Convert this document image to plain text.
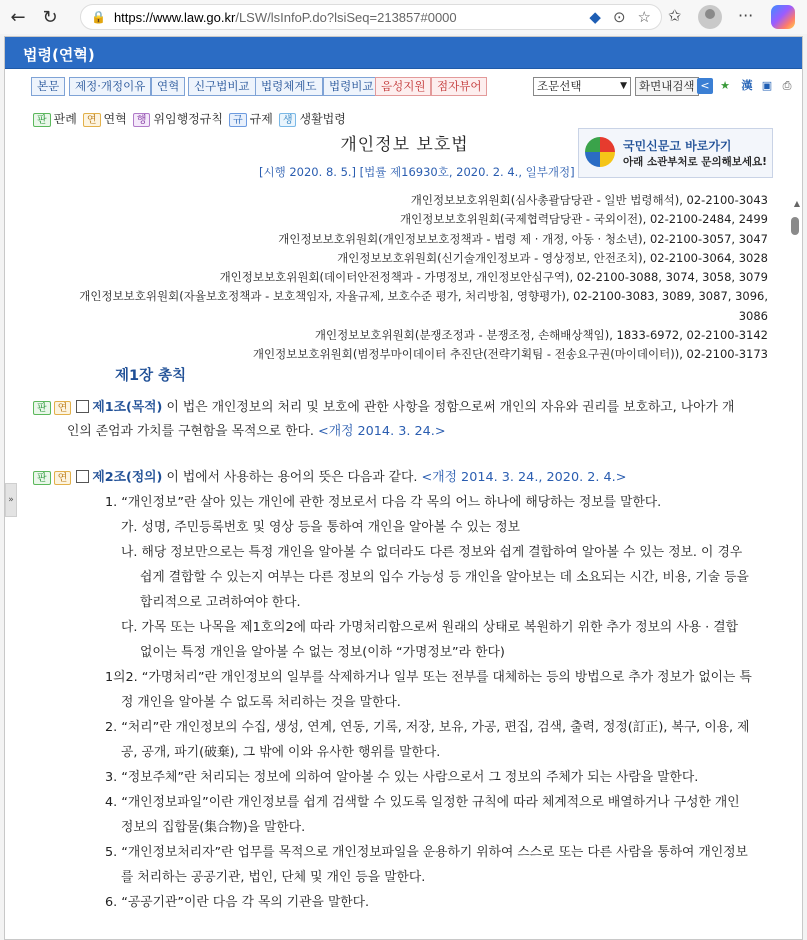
← ↻	🔒 https://www.law.go.kr /LSW/lsInfoP.do?lsiSeq=213857#0000	◆ ⊙ ☆ ✩	···
법령(연혁)
본문	제정·개정이유	연혁	신구법비교 법령체계도	법령비교 음성지원	점자뷰어	조문선택	▼	화면내검색 < ★ 漢 ▣ ⎙
판 판례	연 연혁	행 위임행정규칙	규 규제	생 생활법령
개인정보 보호법	국민신문고 바로가기
아래 소관부처로 문의해보세요!
[시행 2020. 8. 5.] [법률 제16930호, 2020. 2. 4., 일부개정]
개인정보보호위원회(심사총괄담당관 - 일반 법령해석), 02-2100-3043
개인정보보호위원회(국제협력담당관 - 국외이전), 02-2100-2484, 2499
개인정보보호위원회(개인정보보호정책과 - 법령 제 · 개정, 아동 · 청소년), 02-2100-3057, 3047
개인정보보호위원회(신기술개인정보과 - 영상정보, 안전조치), 02-2100-3064, 3028
개인정보보호위원회(데이터안전정책과 - 가명정보, 개인정보안심구역), 02-2100-3088, 3074, 3058, 3079
개인정보보호위원회(자율보호정책과 - 보호책임자, 자율규제, 보호수준 평가, 처리방침, 영향평가), 02-2100-3083, 3089, 3087, 3096,
3086
개인정보보호위원회(분쟁조정과 - 분쟁조정, 손해배상책임), 1833-6972, 02-2100-3142
개인정보보호위원회(범정부마이데이터 추진단(전략기획팀 - 전송요구권(마이데이터)), 02-2100-3173
제1장 총칙
판 연 제1조(목적) 이 법은 개인정보의 처리 및 보호에 관한 사항을 정함으로써 개인의 자유와 권리를 보호하고, 나아가 개
인의 존엄과 가치를 구현함을 목적으로 한다. <개정 2014. 3. 24.>
판 연 제2조(정의) 이 법에서 사용하는 용어의 뜻은 다음과 같다. <개정 2014. 3. 24., 2020. 2. 4.>
1. “개인정보”란 살아 있는 개인에 관한 정보로서 다음 각 목의 어느 하나에 해당하는 정보를 말한다.
가. 성명, 주민등록번호 및 영상 등을 통하여 개인을 알아볼 수 있는 정보
나. 해당 정보만으로는 특정 개인을 알아볼 수 없더라도 다른 정보와 쉽게 결합하여 알아볼 수 있는 정보. 이 경우
쉽게 결합할 수 있는지 여부는 다른 정보의 입수 가능성 등 개인을 알아보는 데 소요되는 시간, 비용, 기술 등을
합리적으로 고려하여야 한다.
다. 가목 또는 나목을 제1호의2에 따라 가명처리함으로써 원래의 상태로 복원하기 위한 추가 정보의 사용 · 결합
없이는 특정 개인을 알아볼 수 없는 정보(이하 “가명정보”라 한다)
1의2. “가명처리”란 개인정보의 일부를 삭제하거나 일부 또는 전부를 대체하는 등의 방법으로 추가 정보가 없이는 특
정 개인을 알아볼 수 없도록 처리하는 것을 말한다.
2. “처리”란 개인정보의 수집, 생성, 연계, 연동, 기록, 저장, 보유, 가공, 편집, 검색, 출력, 정정(訂正), 복구, 이용, 제
공, 공개, 파기(破棄), 그 밖에 이와 유사한 행위를 말한다.
3. “정보주체”란 처리되는 정보에 의하여 알아볼 수 있는 사람으로서 그 정보의 주체가 되는 사람을 말한다.
4. “개인정보파일”이란 개인정보를 쉽게 검색할 수 있도록 일정한 규칙에 따라 체계적으로 배열하거나 구성한 개인
정보의 집합물(集合物)을 말한다.
5. “개인정보처리자”란 업무를 목적으로 개인정보파일을 운용하기 위하여 스스로 또는 다른 사람을 통하여 개인정보
를 처리하는 공공기관, 법인, 단체 및 개인 등을 말한다.
6. “공공기관”이란 다음 각 목의 기관을 말한다.
▲
»
